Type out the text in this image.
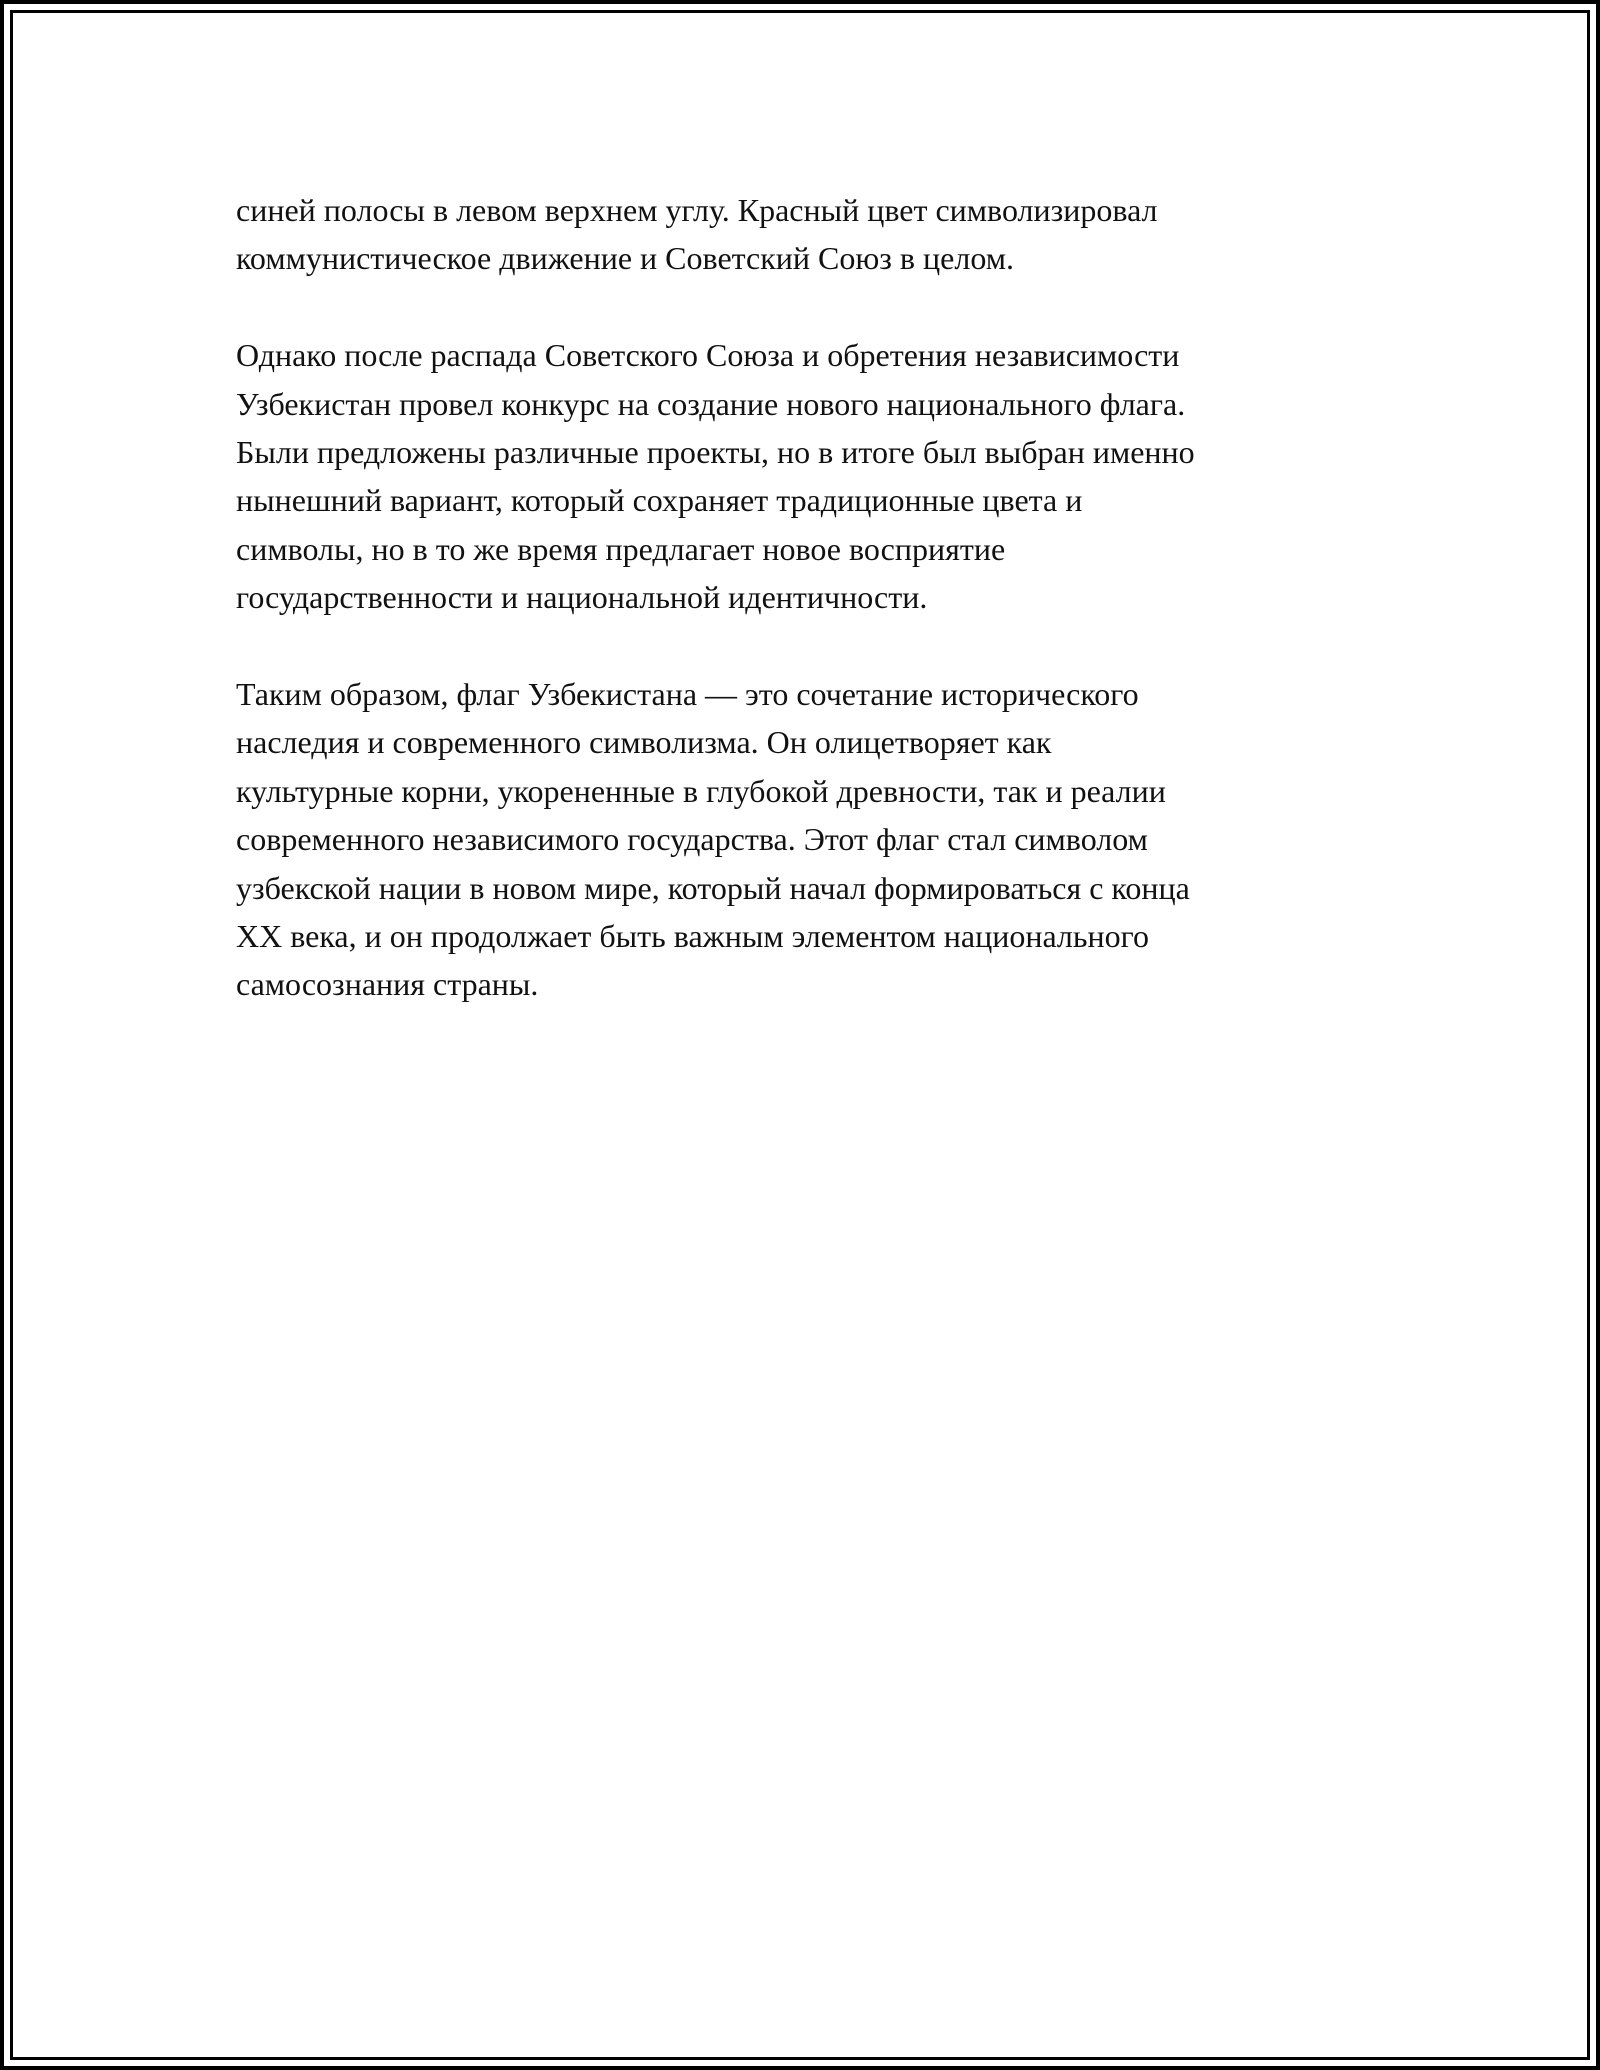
синей полосы в левом верхнем углу. Красный цвет символизировал
коммунистическое движение и Советский Союз в целом.

Однако после распада Советского Союза и обретения независимости
Узбекистан провел конкурс на создание нового национального флага.
Были предложены различные проекты, но в итоге был выбран именно
нынешний вариант, который сохраняет традиционные цвета и
символы, но в то же время предлагает новое восприятие
государственности и национальной идентичности.

Таким образом, флаг Узбекистана — это сочетание исторического
наследия и современного символизма. Он олицетворяет как
культурные корни, укорененные в глубокой древности, так и реалии
современного независимого государства. Этот флаг стал символом
узбекской нации в новом мире, который начал формироваться с конца
XX века, и он продолжает быть важным элементом национального
самосознания страны.
